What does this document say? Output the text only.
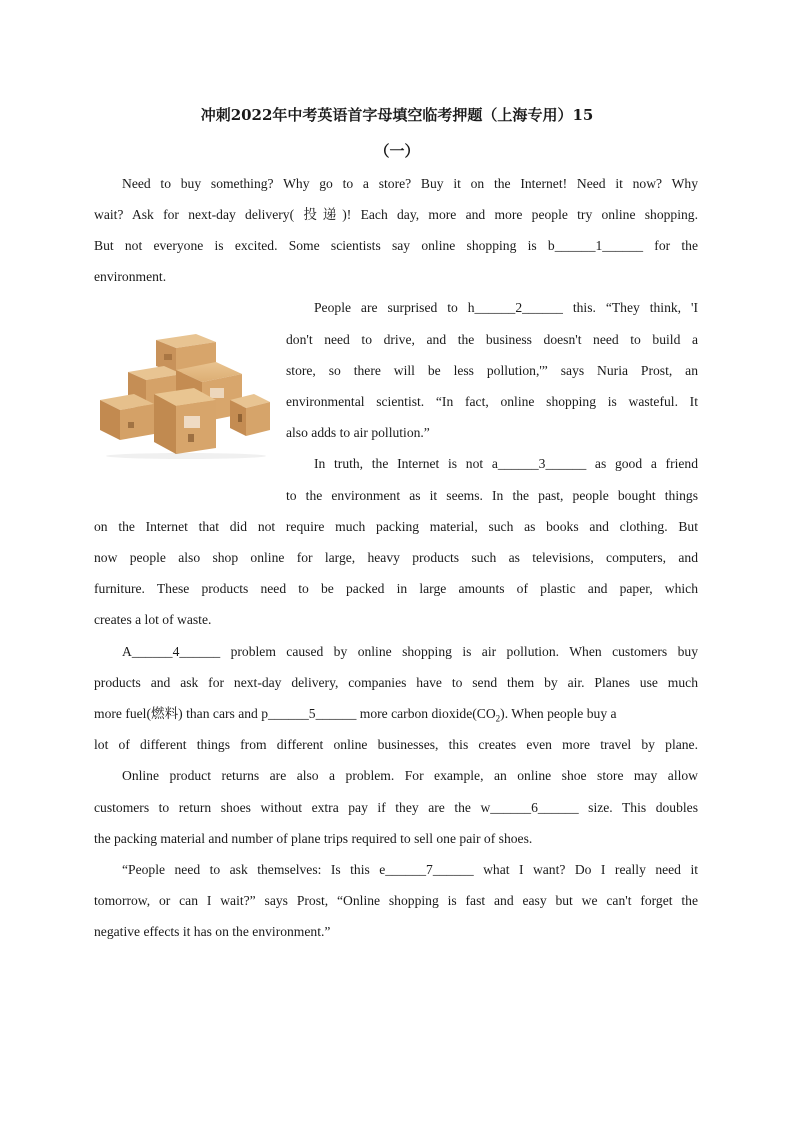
冲刺2022年中考英语首字母填空临考押题（上海专用）15
（一）
Need to buy something? Why go to a store? Buy it on the Internet! Need it now? Why
wait? Ask for next-day delivery( 投递)! Each day, more and more people try online shopping.
But not everyone is excited. Some scientists say online shopping is b______1______ for the
environment.
People are surprised to h______2______ this. “They think, 'I
don't need to drive, and the business doesn't need to build a
store, so there will be less pollution,'” says Nuria Prost, an
environmental scientist. “In fact, online shopping is wasteful. It
also adds to air pollution.”
In truth, the Internet is not a______3______ as good a friend
to the environment as it seems. In the past, people bought things
on the Internet that did not require much packing material, such as books and clothing. But
now people also shop online for large, heavy products such as televisions, computers, and
furniture. These products need to be packed in large amounts of plastic and paper, which
creates a lot of waste.
A______4______ problem caused by online shopping is air pollution. When customers buy
products and ask for next-day delivery, companies have to send them by air. Planes use much
more fuel(燃料) than cars and p______5______ more carbon dioxide(CO $_2$). When people buy a
lot of different things from different online businesses, this creates even more travel by plane.
Online product returns are also a problem. For example, an online shoe store may allow
customers to return shoes without extra pay if they are the w______6______ size. This doubles
the packing material and number of plane trips required to sell one pair of shoes.
“People need to ask themselves: Is this e______7______ what I want? Do I really need it
tomorrow, or can I wait?” says Prost, “Online shopping is fast and easy but we can't forget the
negative effects it has on the environment.”
